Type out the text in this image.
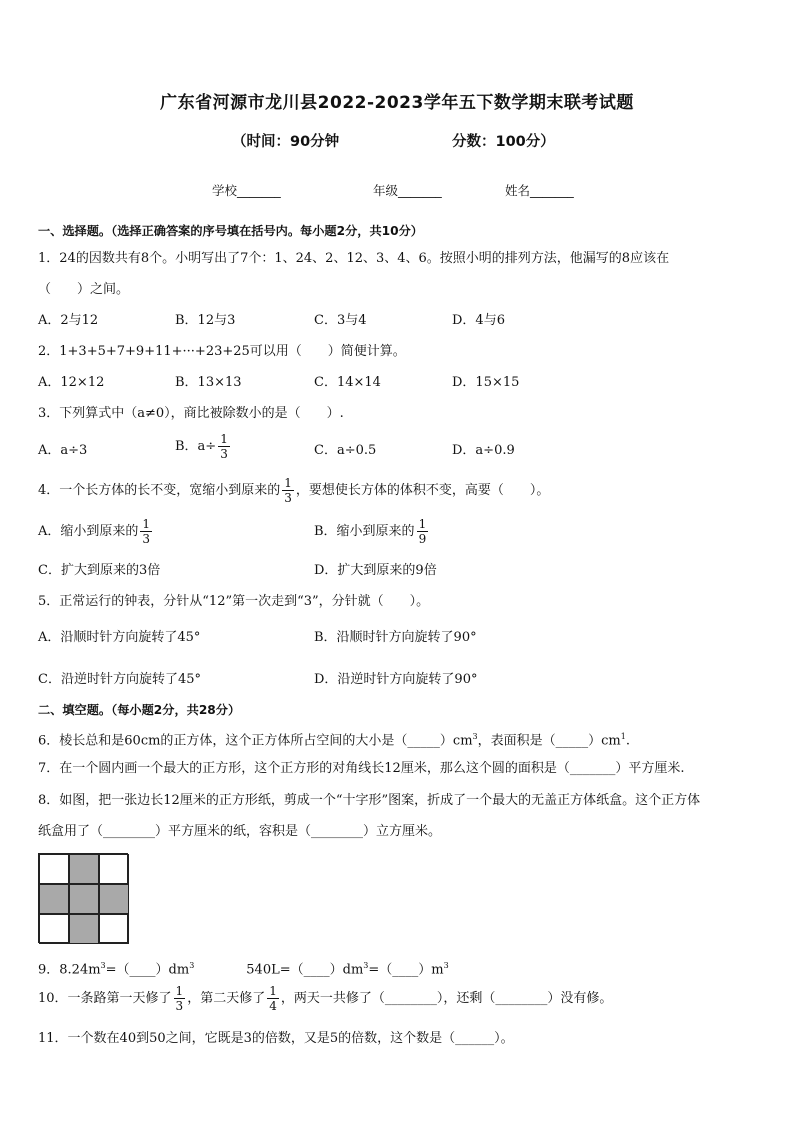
广东省河源市龙川县2022-2023学年五下数学期末联考试题
（时间：90分钟	分数：100分）
学校_______	年级_______	姓名_______
一、选择题。（选择正确答案的序号填在括号内。每小题2分，共10分）
1．24的因数共有8个。小明写出了7个：1、24、2、12、3、4、6。按照小明的排列方法，他漏写的8应该在
（　　）之间。
A．2与12	B．12与3	C．3与4	D．4与6
2．1+3+5+7+9+11+···+23+25可以用（　　）简便计算。
A．12×12	B．13×13	C．14×14	D．15×15
3．下列算式中（a≠0），商比被除数小的是（　　）.
A．a÷3	B．$a\div \frac{1}{3}$	C．a÷0.5	D．a÷0.9
4．一个长方体的长不变，宽缩小到原来的 $\frac{1}{3}$ ，要想使长方体的体积不变，高要（　　）。
A．缩小到原来的 $\frac{1}{3}$	B．缩小到原来的 $\frac{1}{9}$
C．扩大到原来的3倍	D．扩大到原来的9倍
5．正常运行的钟表，分针从“12”第一次走到“3”，分针就（　　）。
A．沿顺时针方向旋转了45°	B．沿顺时针方向旋转了90°
C．沿逆时针方向旋转了45°	D．沿逆时针方向旋转了90°
二、填空题。（每小题2分，共28分）
6．棱长总和是60cm的正方体，这个正方体所占空间的大小是$(\_\_\_\_\_)cm^3$，表面积是$(\_\_\_\_\_)cm^1$.
7．在一个圆内画一个最大的正方形，这个正方形的对角线长12厘米，那么这个圆的面积是（_______）平方厘米.
8．如图，把一张边长12厘米的正方形纸，剪成一个“十字形”图案，折成了一个最大的无盖正方体纸盒。这个正方体
纸盒用了（________）平方厘米的纸，容积是（________）立方厘米。
9．$8.24m^3=(\_\_\_\_)dm^3$	$540L=(\_\_\_\_)dm^3=(\_\_\_\_)m^3$
10．一条路第一天修了 $\frac{1}{3}$ ，第二天修了 $\frac{1}{4}$ ，两天一共修了（________），还剩（________）没有修。
11．一个数在40到50之间，它既是3的倍数，又是5的倍数，这个数是（______）。
